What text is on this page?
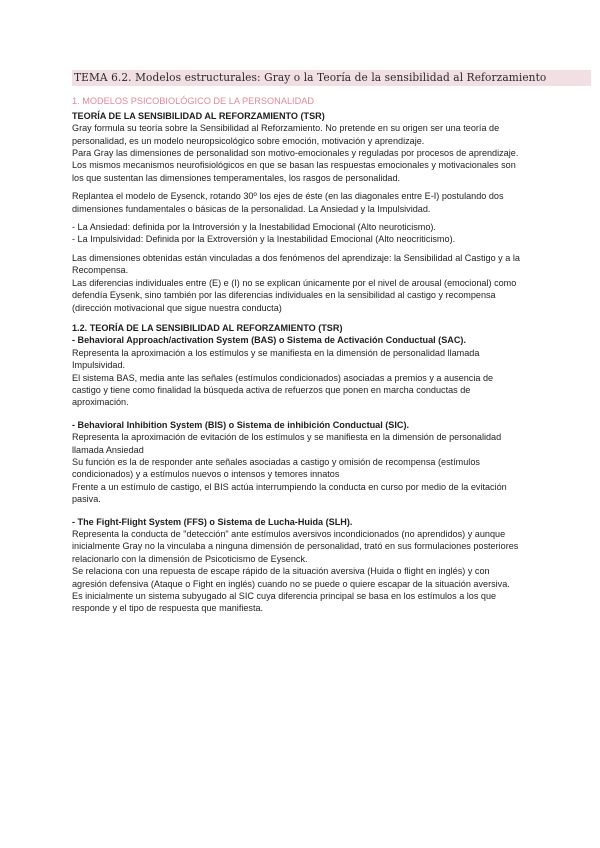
TEMA 6.2. Modelos estructurales: Gray o la Teoría de la sensibilidad al Reforzamiento
1. MODELOS PSICOBIOLÓGICO DE LA PERSONALIDAD

TEORÍA DE LA SENSIBILIDAD AL REFORZAMIENTO (TSR)

Gray formula su teoría sobre la Sensibilidad al Reforzamiento. No pretende en su origen ser una teoría de personalidad, es un modelo neuropsicológico sobre emoción, motivación y aprendizaje.

Para Gray las dimensiones de personalidad son motivo-emocionales y reguladas por procesos de aprendizaje.

Los mismos mecanismos neurofisiológicos en que se basan las respuestas emocionales y motivacionales son los que sustentan las dimensiones temperamentales, los rasgos de personalidad.

Replantea el modelo de Eysenck, rotando 30º los ejes de éste (en las diagonales entre E-I) postulando dos dimensiones fundamentales o básicas de la personalidad. La Ansiedad y la Impulsividad.

- La Ansiedad: definida por la Introversión y la Inestabilidad Emocional (Alto neuroticismo).

- La Impulsividad: Definida por la Extroversión y la Inestabilidad Emocional (Alto neocriticismo).

Las dimensiones obtenidas están vinculadas a dos fenómenos del aprendizaje: la Sensibilidad al Castigo y a la Recompensa.

Las diferencias individuales entre (E) e (I) no se explican únicamente por el nivel de arousal (emocional) como defendía Eysenk, sino también por las diferencias individuales en la sensibilidad al castigo y recompensa (dirección motivacional que sigue nuestra conducta)

1.2. TEORÍA DE LA SENSIBILIDAD AL REFORZAMIENTO (TSR)

- Behavioral Approach/activation System (BAS) o Sistema de Activación Conductual (SAC).

Representa la aproximación a los estímulos y se manifiesta en la dimensión de personalidad llamada Impulsividad.

El sistema BAS, media ante las señales (estímulos condicionados) asociadas a premios y a ausencia de castigo y tiene como finalidad la búsqueda activa de refuerzos que ponen en marcha conductas de aproximación.

- Behavioral Inhibition System (BIS) o Sistema de inhibición Conductual (SIC).

Representa la aproximación de evitación de los estímulos y se manifiesta en la dimensión de personalidad llamada Ansiedad

Su función es la de responder ante señales asociadas a castigo y omisión de recompensa (estímulos condicionados) y a estímulos nuevos o intensos y temores innatos

Frente a un estímulo de castigo, el BIS actúa interrumpiendo la conducta en curso por medio de la evitación pasiva.

- The Fight-Flight System (FFS) o Sistema de Lucha-Huida (SLH).

Representa la conducta de "detección" ante estímulos aversivos incondicionados (no aprendidos) y aunque inicialmente Gray no la vinculaba a ninguna dimensión de personalidad, trató en sus formulaciones posteriores relacionarlo con la dimensión de Psicoticismo de Eysenck.

Se relaciona con una repuesta de escape rápido de la situación aversiva (Huida o flight en inglés) y con agresión defensiva (Ataque o Fight en inglés) cuando no se puede o quiere escapar de la situación aversiva.

Es inicialmente un sistema subyugado al SIC cuya diferencia principal se basa en los estímulos a los que responde y el tipo de respuesta que manifiesta.
